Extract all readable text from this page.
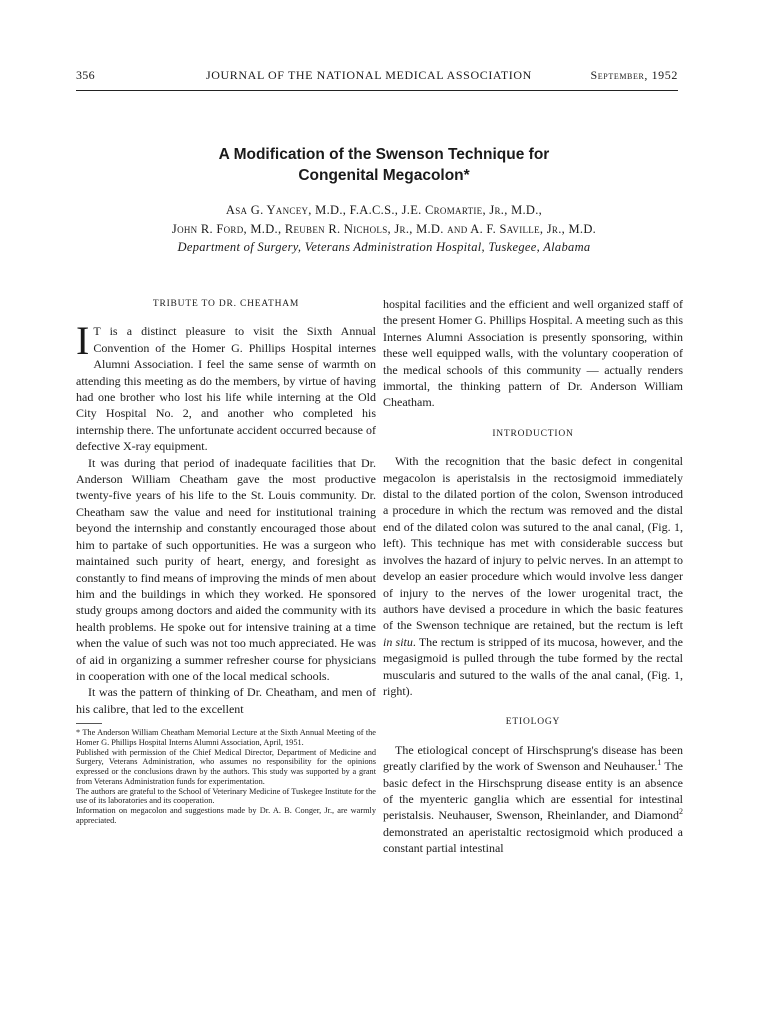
356	JOURNAL OF THE NATIONAL MEDICAL ASSOCIATION	September, 1952
A Modification of the Swenson Technique for
Congenital Megacolon*
Asa G. Yancey, M.D., F.A.C.S., J.E. Cromartie, Jr., M.D.,
John R. Ford, M.D., Reuben R. Nichols, Jr., M.D. and A. F. Saville, Jr., M.D.
Department of Surgery, Veterans Administration Hospital, Tuskegee, Alabama
TRIBUTE TO DR. CHEATHAM

I T is a distinct pleasure to visit the Sixth Annual Convention of the Homer G. Phillips Hospital internes Alumni Association. I feel the same sense of warmth on attending this meeting as do the members, by virtue of having had one brother who lost his life while interning at the Old City Hospital No. 2, and another who completed his internship there. The unfortunate accident occurred because of defective X-ray equipment.

It was during that period of inadequate facilities that Dr. Anderson William Cheatham gave the most productive twenty-five years of his life to the St. Louis community. Dr. Cheatham saw the value and need for institutional training beyond the internship and constantly encouraged those about him to partake of such opportunities. He was a surgeon who maintained such purity of heart, energy, and foresight as constantly to find means of improving the minds of men about him and the buildings in which they worked. He sponsored study groups among doctors and aided the community with its health problems. He spoke out for intensive training at a time when the value of such was not too much appreciated. He was of aid in organizing a summer refresher course for physicians in cooperation with one of the local medical schools.

It was the pattern of thinking of Dr. Cheatham, and men of his calibre, that led to the excellent

* The Anderson William Cheatham Memorial Lecture at the Sixth Annual Meeting of the Homer G. Phillips Hospital Interns Alumni Association, April, 1951.

Published with permission of the Chief Medical Director, Department of Medicine and Surgery, Veterans Administration, who assumes no responsibility for the opinions expressed or the conclusions drawn by the authors. This study was supported by a grant from Veterans Administration funds for experimentation.

The authors are grateful to the School of Veterinary Medicine of Tuskegee Institute for the use of its laboratories and its cooperation.

Information on megacolon and suggestions made by Dr. A. B. Conger, Jr., are warmly appreciated.

hospital facilities and the efficient and well organized staff of the present Homer G. Phillips Hospital. A meeting such as this Internes Alumni Association is presently sponsoring, within these well equipped walls, with the voluntary cooperation of the medical schools of this community — actually renders immortal, the thinking pattern of Dr. Anderson William Cheatham.

INTRODUCTION

With the recognition that the basic defect in congenital megacolon is aperistalsis in the rectosigmoid immediately distal to the dilated portion of the colon, Swenson introduced a procedure in which the rectum was removed and the distal end of the dilated colon was sutured to the anal canal, (Fig. 1, left). This technique has met with considerable success but involves the hazard of injury to pelvic nerves. In an attempt to develop an easier procedure which would involve less danger of injury to the nerves of the lower urogenital tract, the authors have devised a procedure in which the basic features of the Swenson technique are retained, but the rectum is left in situ. The rectum is stripped of its mucosa, however, and the megasigmoid is pulled through the tube formed by the rectal muscularis and sutured to the walls of the anal canal, (Fig. 1, right).

ETIOLOGY

The etiological concept of Hirschsprung's disease has been greatly clarified by the work of Swenson and Neuhauser.$^1$ The basic defect in the Hirschsprung disease entity is an absence of the myenteric ganglia which are essential for intestinal peristalsis. Neuhauser, Swenson, Rheinlander, and Diamond$^2$ demonstrated an aperistaltic rectosigmoid which produced a constant partial intestinal
